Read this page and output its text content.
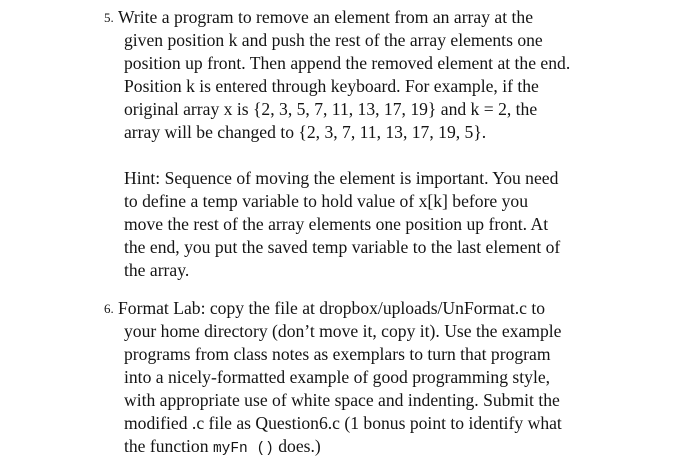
5. Write a program to remove an element from an array at the
given position k and push the rest of the array elements one
position up front. Then append the removed element at the end.
Position k is entered through keyboard. For example, if the
original array x is {2, 3, 5, 7, 11, 13, 17, 19} and k = 2, the
array will be changed to {2, 3, 7, 11, 13, 17, 19, 5}.
Hint: Sequence of moving the element is important. You need
to define a temp variable to hold value of x[k] before you
move the rest of the array elements one position up front. At
the end, you put the saved temp variable to the last element of
the array.
6. Format Lab: copy the file at dropbox/uploads/UnFormat.c to
your home directory (don’t move it, copy it). Use the example
programs from class notes as exemplars to turn that program
into a nicely-formatted example of good programming style,
with appropriate use of white space and indenting. Submit the
modified .c file as Question6.c (1 bonus point to identify what
the function myFn () does.)
